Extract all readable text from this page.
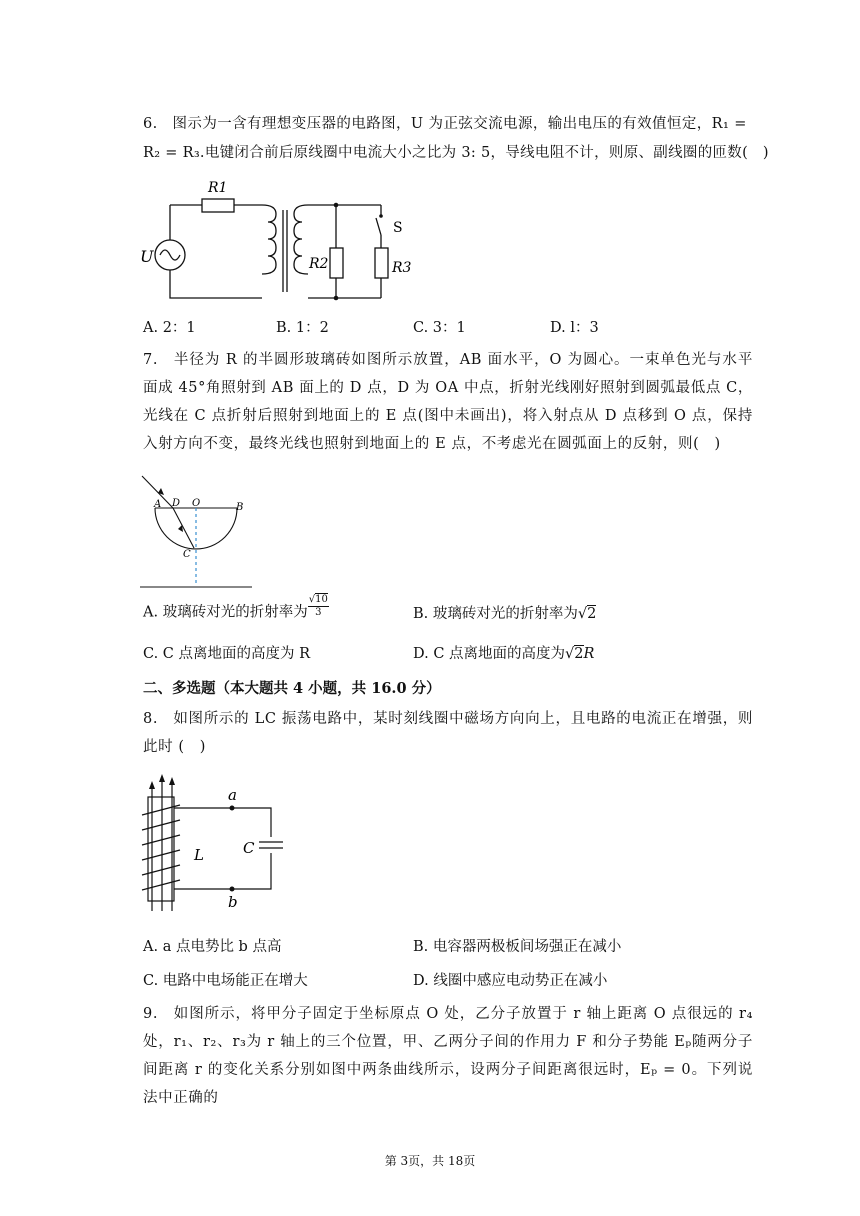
6.　图示为一含有理想变压器的电路图，U 为正弦交流电源，输出电压的有效值恒定，R₁ =
R₂ = R₃.电键闭合前后原线圈中电流大小之比为 3: 5，导线电阻不计，则原、副线圈的匝数(　)
R1
U	R2	R3
S
A. 2：1	B. 1：2	C. 3：1	D. l：3
7.　半径为 R 的半圆形玻璃砖如图所示放置，AB 面水平，O 为圆心。一束单色光与水平面成 45°角照射到 AB 面上的 D 点，D 为 OA 中点，折射光线刚好照射到圆弧最低点 C，光线在 C 点折射后照射到地面上的 E 点(图中未画出)，将入射点从 D 点移到 O 点，保持入射方向不变，最终光线也照射到地面上的 E 点，不考虑光在圆弧面上的反射，则(　)
A D O	B
C
A. 玻璃砖对光的折射率为 $\frac{√10}{3}$	B. 玻璃砖对光的折射率为√2
C. C 点离地面的高度为 R	D. C 点离地面的高度为√2R
二、多选题（本大题共 4 小题，共 16.0 分）
8.　如图所示的 LC 振荡电路中，某时刻线圈中磁场方向向上，且电路的电流正在增强，则此时 (　)
a
L	C
b
A. a 点电势比 b 点高	B. 电容器两极板间场强正在减小
C. 电路中电场能正在增大	D. 线圈中感应电动势正在减小
9.　如图所示，将甲分子固定于坐标原点 O 处，乙分子放置于 r 轴上距离 O 点很远的 r₄处，r₁、r₂、r₃为 r 轴上的三个位置，甲、乙两分子间的作用力 F 和分子势能 Eₚ随两分子间距离 r 的变化关系分别如图中两条曲线所示，设两分子间距离很远时，Eₚ = 0。下列说法中正确的
第 3页，共 18页
